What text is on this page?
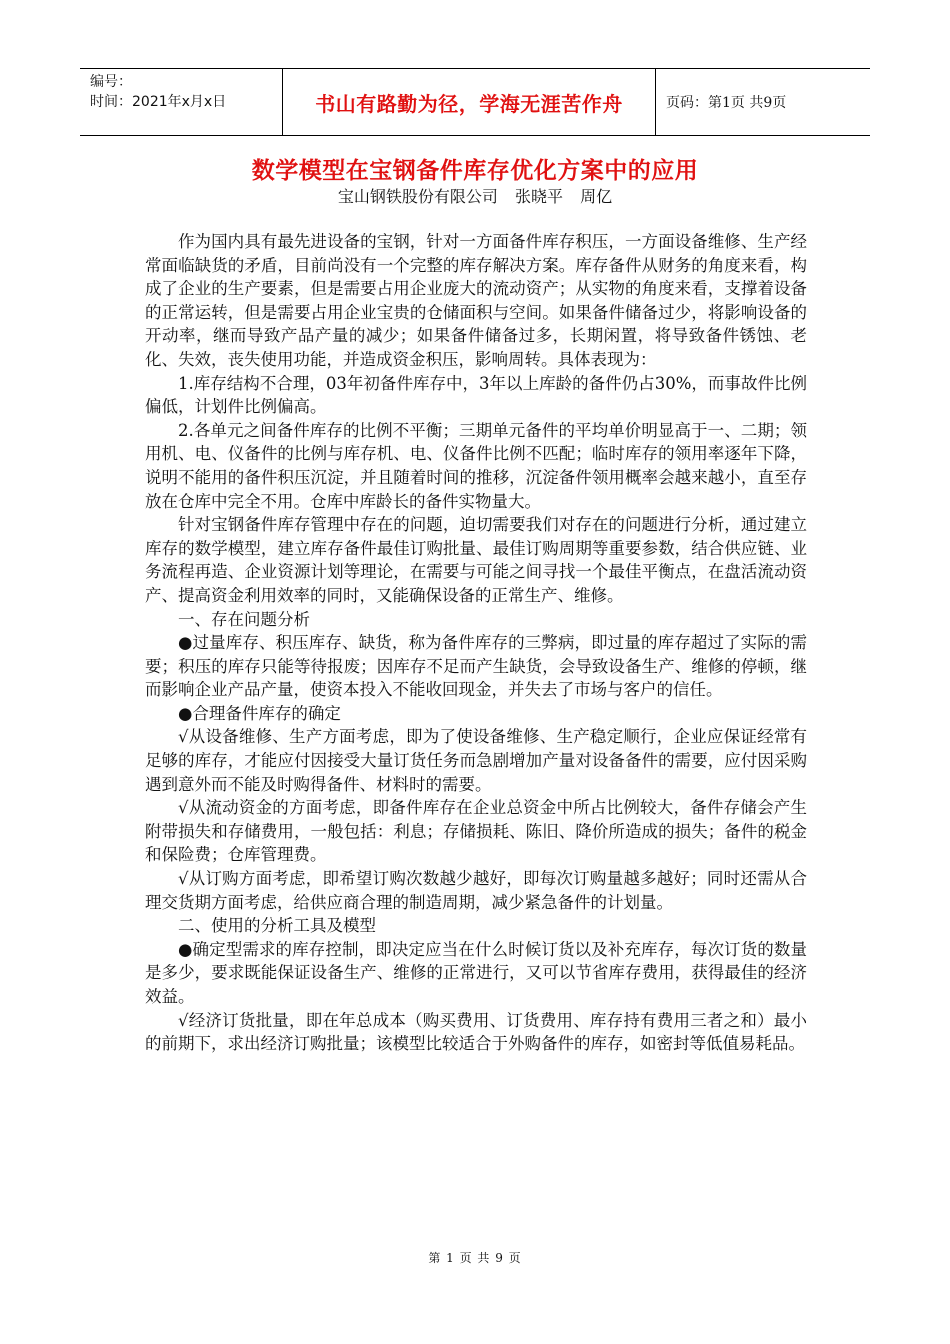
编号：
时间：2021年x月x日	书山有路勤为径，学海无涯苦作舟	页码：第1页 共9页
数学模型在宝钢备件库存优化方案中的应用
宝山钢铁股份有限公司 张晓平 周亿

作为国内具有最先进设备的宝钢，针对一方面备件库存积压，一方面设备维修、生产经常面临缺货的矛盾，目前尚没有一个完整的库存解决方案。库存备件从财务的角度来看，构成了企业的生产要素，但是需要占用企业庞大的流动资产；从实物的角度来看，支撑着设备的正常运转，但是需要占用企业宝贵的仓储面积与空间。如果备件储备过少，将影响设备的开动率，继而导致产品产量的减少；如果备件储备过多，长期闲置，将导致备件锈蚀、老化、失效，丧失使用功能，并造成资金积压，影响周转。具体表现为：

1.库存结构不合理，03年初备件库存中，3年以上库龄的备件仍占30%，而事故件比例偏低，计划件比例偏高。

2.各单元之间备件库存的比例不平衡；三期单元备件的平均单价明显高于一、二期；领用机、电、仪备件的比例与库存机、电、仪备件比例不匹配；临时库存的领用率逐年下降，说明不能用的备件积压沉淀，并且随着时间的推移，沉淀备件领用概率会越来越小，直至存放在仓库中完全不用。仓库中库龄长的备件实物量大。

针对宝钢备件库存管理中存在的问题，迫切需要我们对存在的问题进行分析，通过建立库存的数学模型，建立库存备件最佳订购批量、最佳订购周期等重要参数，结合供应链、业务流程再造、企业资源计划等理论，在需要与可能之间寻找一个最佳平衡点，在盘活流动资产、提高资金利用效率的同时，又能确保设备的正常生产、维修。

一、存在问题分析

●过量库存、积压库存、缺货，称为备件库存的三弊病，即过量的库存超过了实际的需要；积压的库存只能等待报废；因库存不足而产生缺货，会导致设备生产、维修的停顿，继而影响企业产品产量，使资本投入不能收回现金，并失去了市场与客户的信任。

●合理备件库存的确定

√从设备维修、生产方面考虑，即为了使设备维修、生产稳定顺行，企业应保证经常有足够的库存，才能应付因接受大量订货任务而急剧增加产量对设备备件的需要，应付因采购遇到意外而不能及时购得备件、材料时的需要。

√从流动资金的方面考虑，即备件库存在企业总资金中所占比例较大，备件存储会产生附带损失和存储费用，一般包括：利息；存储损耗、陈旧、降价所造成的损失；备件的税金和保险费；仓库管理费。

√从订购方面考虑，即希望订购次数越少越好，即每次订购量越多越好；同时还需从合理交货期方面考虑，给供应商合理的制造周期，减少紧急备件的计划量。

二、使用的分析工具及模型

●确定型需求的库存控制，即决定应当在什么时候订货以及补充库存，每次订货的数量是多少，要求既能保证设备生产、维修的正常进行，又可以节省库存费用，获得最佳的经济效益。

√经济订货批量，即在年总成本（购买费用、订货费用、库存持有费用三者之和）最小的前期下，求出经济订购批量；该模型比较适合于外购备件的库存，如密封等低值易耗品。

第 1 页 共 9 页
